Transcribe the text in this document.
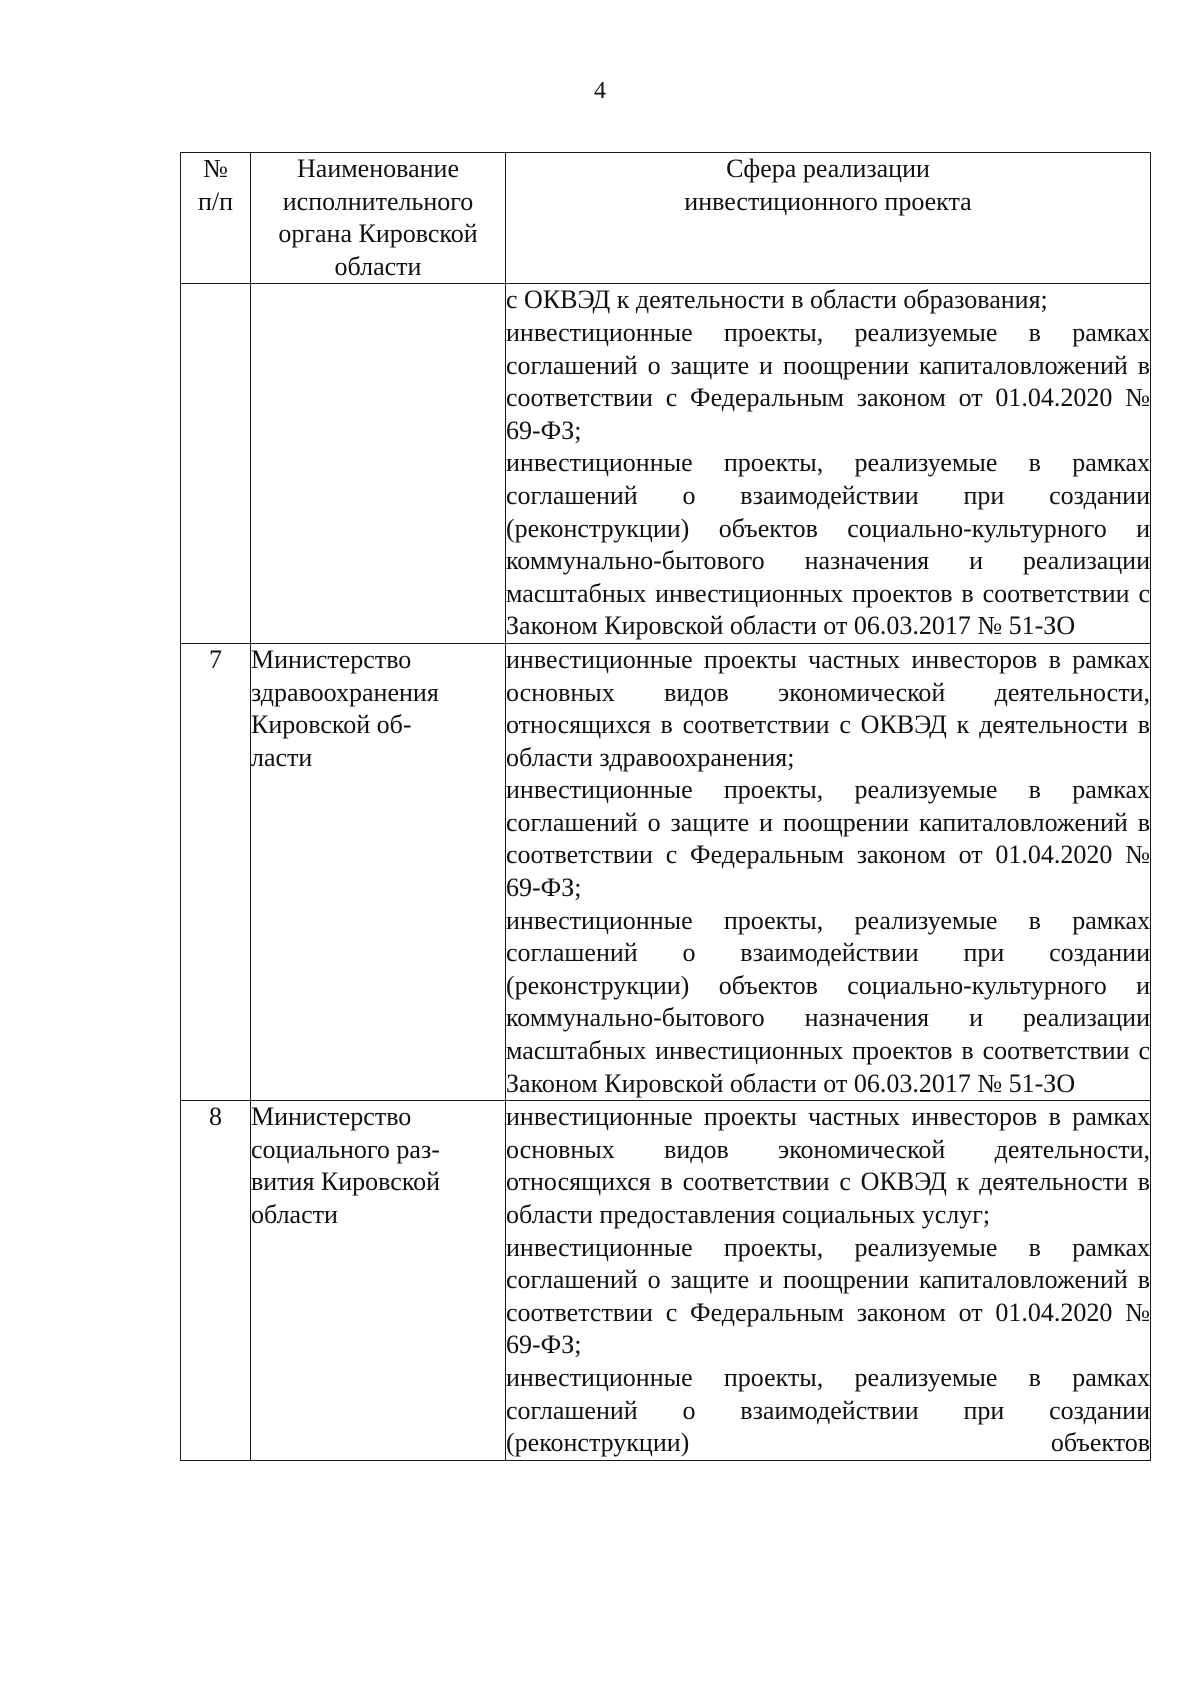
4
№ п/п	Наименование исполнительного органа Кировской области	Сфера реализации инвестиционного проекта

		с ОКВЭД к деятельности в области образования;
инвестиционные проекты, реализуемые в рамках соглашений о защите и поощрении капиталовложений в соответствии с Федеральным законом от 01.04.2020 № 69-ФЗ;
инвестиционные проекты, реализуемые в рамках соглашений о взаимодействии при создании (реконструкции) объектов социально-культурного и коммунально-бытового назначения и реализации масштабных инвестиционных проектов в соответствии с Законом Кировской области от 06.03.2017 № 51-ЗО

7	Министерство здравоохранения Кировской об-ласти	инвестиционные проекты частных инвесторов в рамках основных видов экономической деятельности, относящихся в соответствии с ОКВЭД к деятельности в области здравоохранения;
инвестиционные проекты, реализуемые в рамках соглашений о защите и поощрении капиталовложений в соответствии с Федеральным законом от 01.04.2020 № 69-ФЗ;
инвестиционные проекты, реализуемые в рамках соглашений о взаимодействии при создании (реконструкции) объектов социально-культурного и коммунально-бытового назначения и реализации масштабных инвестиционных проектов в соответствии с Законом Кировской области от 06.03.2017 № 51-ЗО

8	Министерство социального раз-вития Кировской области	инвестиционные проекты частных инвесторов в рамках основных видов экономической деятельности, относящихся в соответствии с ОКВЭД к деятельности в области предоставления социальных услуг;
инвестиционные проекты, реализуемые в рамках соглашений о защите и поощрении капиталовложений в соответствии с Федеральным законом от 01.04.2020 № 69-ФЗ;
инвестиционные проекты, реализуемые в рамках соглашений о взаимодействии при создании (реконструкции) объектов
